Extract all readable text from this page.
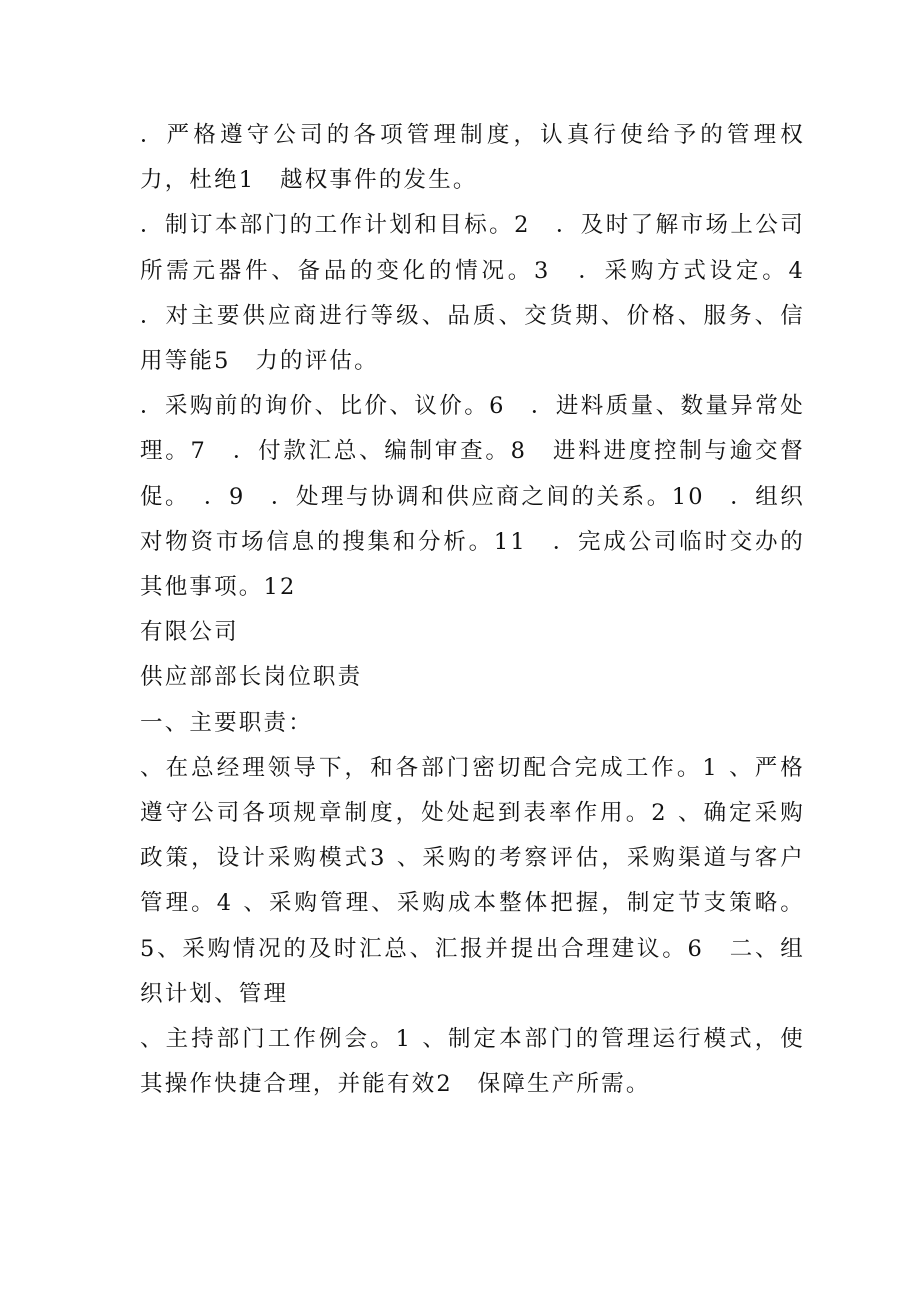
．严格遵守公司的各项管理制度，认真行使给予的管理权力，杜绝1　越权事件的发生。

．制订本部门的工作计划和目标。2　．及时了解市场上公司所需元器件、备品的变化的情况。3　．采购方式设定。4　．对主要供应商进行等级、品质、交货期、价格、服务、信用等能5　力的评估。

．采购前的询价、比价、议价。6　．进料质量、数量异常处理。7　．付款汇总、编制审查。8　进料进度控制与逾交督促。　．9　．处理与协调和供应商之间的关系。10　．组织对物资市场信息的搜集和分析。11　．完成公司临时交办的其他事项。12

有限公司

供应部部长岗位职责

一、主要职责：

、在总经理领导下，和各部门密切配合完成工作。1 、严格遵守公司各项规章制度，处处起到表率作用。2 、确定采购政策，设计采购模式3 、采购的考察评估，采购渠道与客户管理。4 、采购管理、采购成本整体把握，制定节支策略。5、采购情况的及时汇总、汇报并提出合理建议。6　二、组织计划、管理

、主持部门工作例会。1 、制定本部门的管理运行模式，使其操作快捷合理，并能有效2　保障生产所需。
